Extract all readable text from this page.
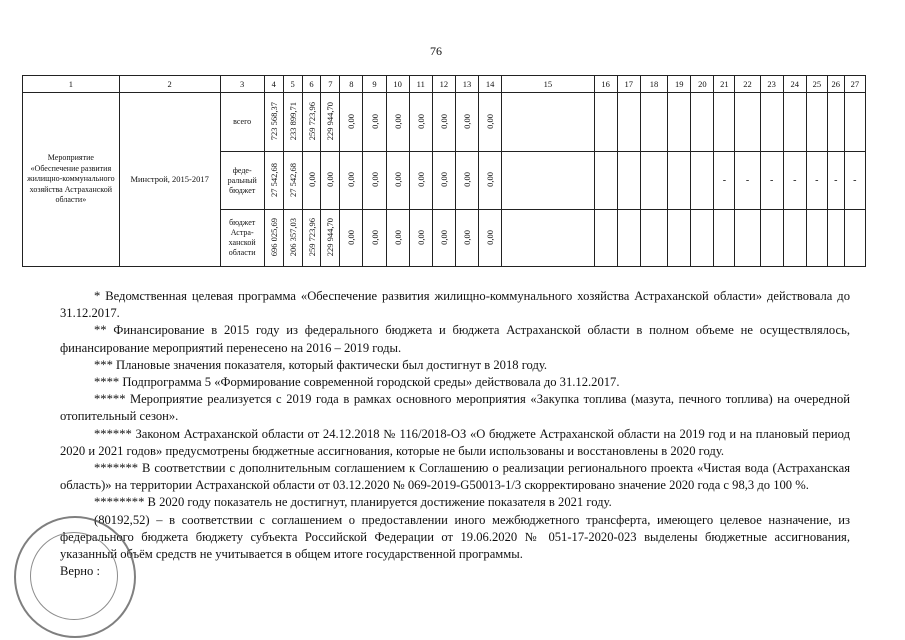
76
1	2	3	4	5	6	7	8	9	10	11	12	13	14	15	16	17	18	19	20	21	22	23	24	25	26	27
Мероприятие «Обеспечение развития жилищно-коммунального хозяйства Астраханской области»	Минстрой, 2015-2017	всего	723 568,37	233 899,71	259 723,96	229 944,70	0,00	0,00	0,00	0,00	0,00	0,00	0,00													
		феде-ральный бюджет	27 542,68	27 542,68	0,00	0,00	0,00	0,00	0,00	0,00	0,00	0,00	0,00							-	-	-	-	-	-	-
		бюджет Астра-ханской области	696 025,69	206 357,03	259 723,96	229 944,70	0,00	0,00	0,00	0,00	0,00	0,00	0,00													

* Ведомственная целевая программа «Обеспечение развития жилищно-коммунального хозяйства Астраханской области» действовала до 31.12.2017.

** Финансирование в 2015 году из федерального бюджета и бюджета Астраханской области в полном объеме не осуществлялось, финансирование мероприятий перенесено на 2016 – 2019 годы.

*** Плановые значения показателя, который фактически был достигнут в 2018 году.

**** Подпрограмма 5 «Формирование современной городской среды» действовала до 31.12.2017.

***** Мероприятие реализуется с 2019 года в рамках основного мероприятия «Закупка топлива (мазута, печного топлива) на очередной отопительный сезон».

****** Законом Астраханской области от 24.12.2018 № 116/2018-ОЗ «О бюджете Астраханской области на 2019 год и на плановый период 2020 и 2021 годов» предусмотрены бюджетные ассигнования, которые не были использованы и восстановлены в 2020 году.

******* В соответствии с дополнительным соглашением к Соглашению о реализации регионального проекта «Чистая вода (Астраханская область)» на территории Астраханской области от 03.12.2020 № 069-2019-G50013-1/3 скорректировано значение 2020 года с 98,3 до 100 %.

******** В 2020 году показатель не достигнут, планируется достижение показателя в 2021 году.

(80192,52) – в соответствии с соглашением о предоставлении иного межбюджетного трансферта, имеющего целевое назначение, из федерального бюджета бюджету субъекта Российской Федерации от 19.06.2020 № 051-17-2020-023 выделены бюджетные ассигнования, указанный объём средств не учитывается в общем итоге государственной программы.

Верно :
